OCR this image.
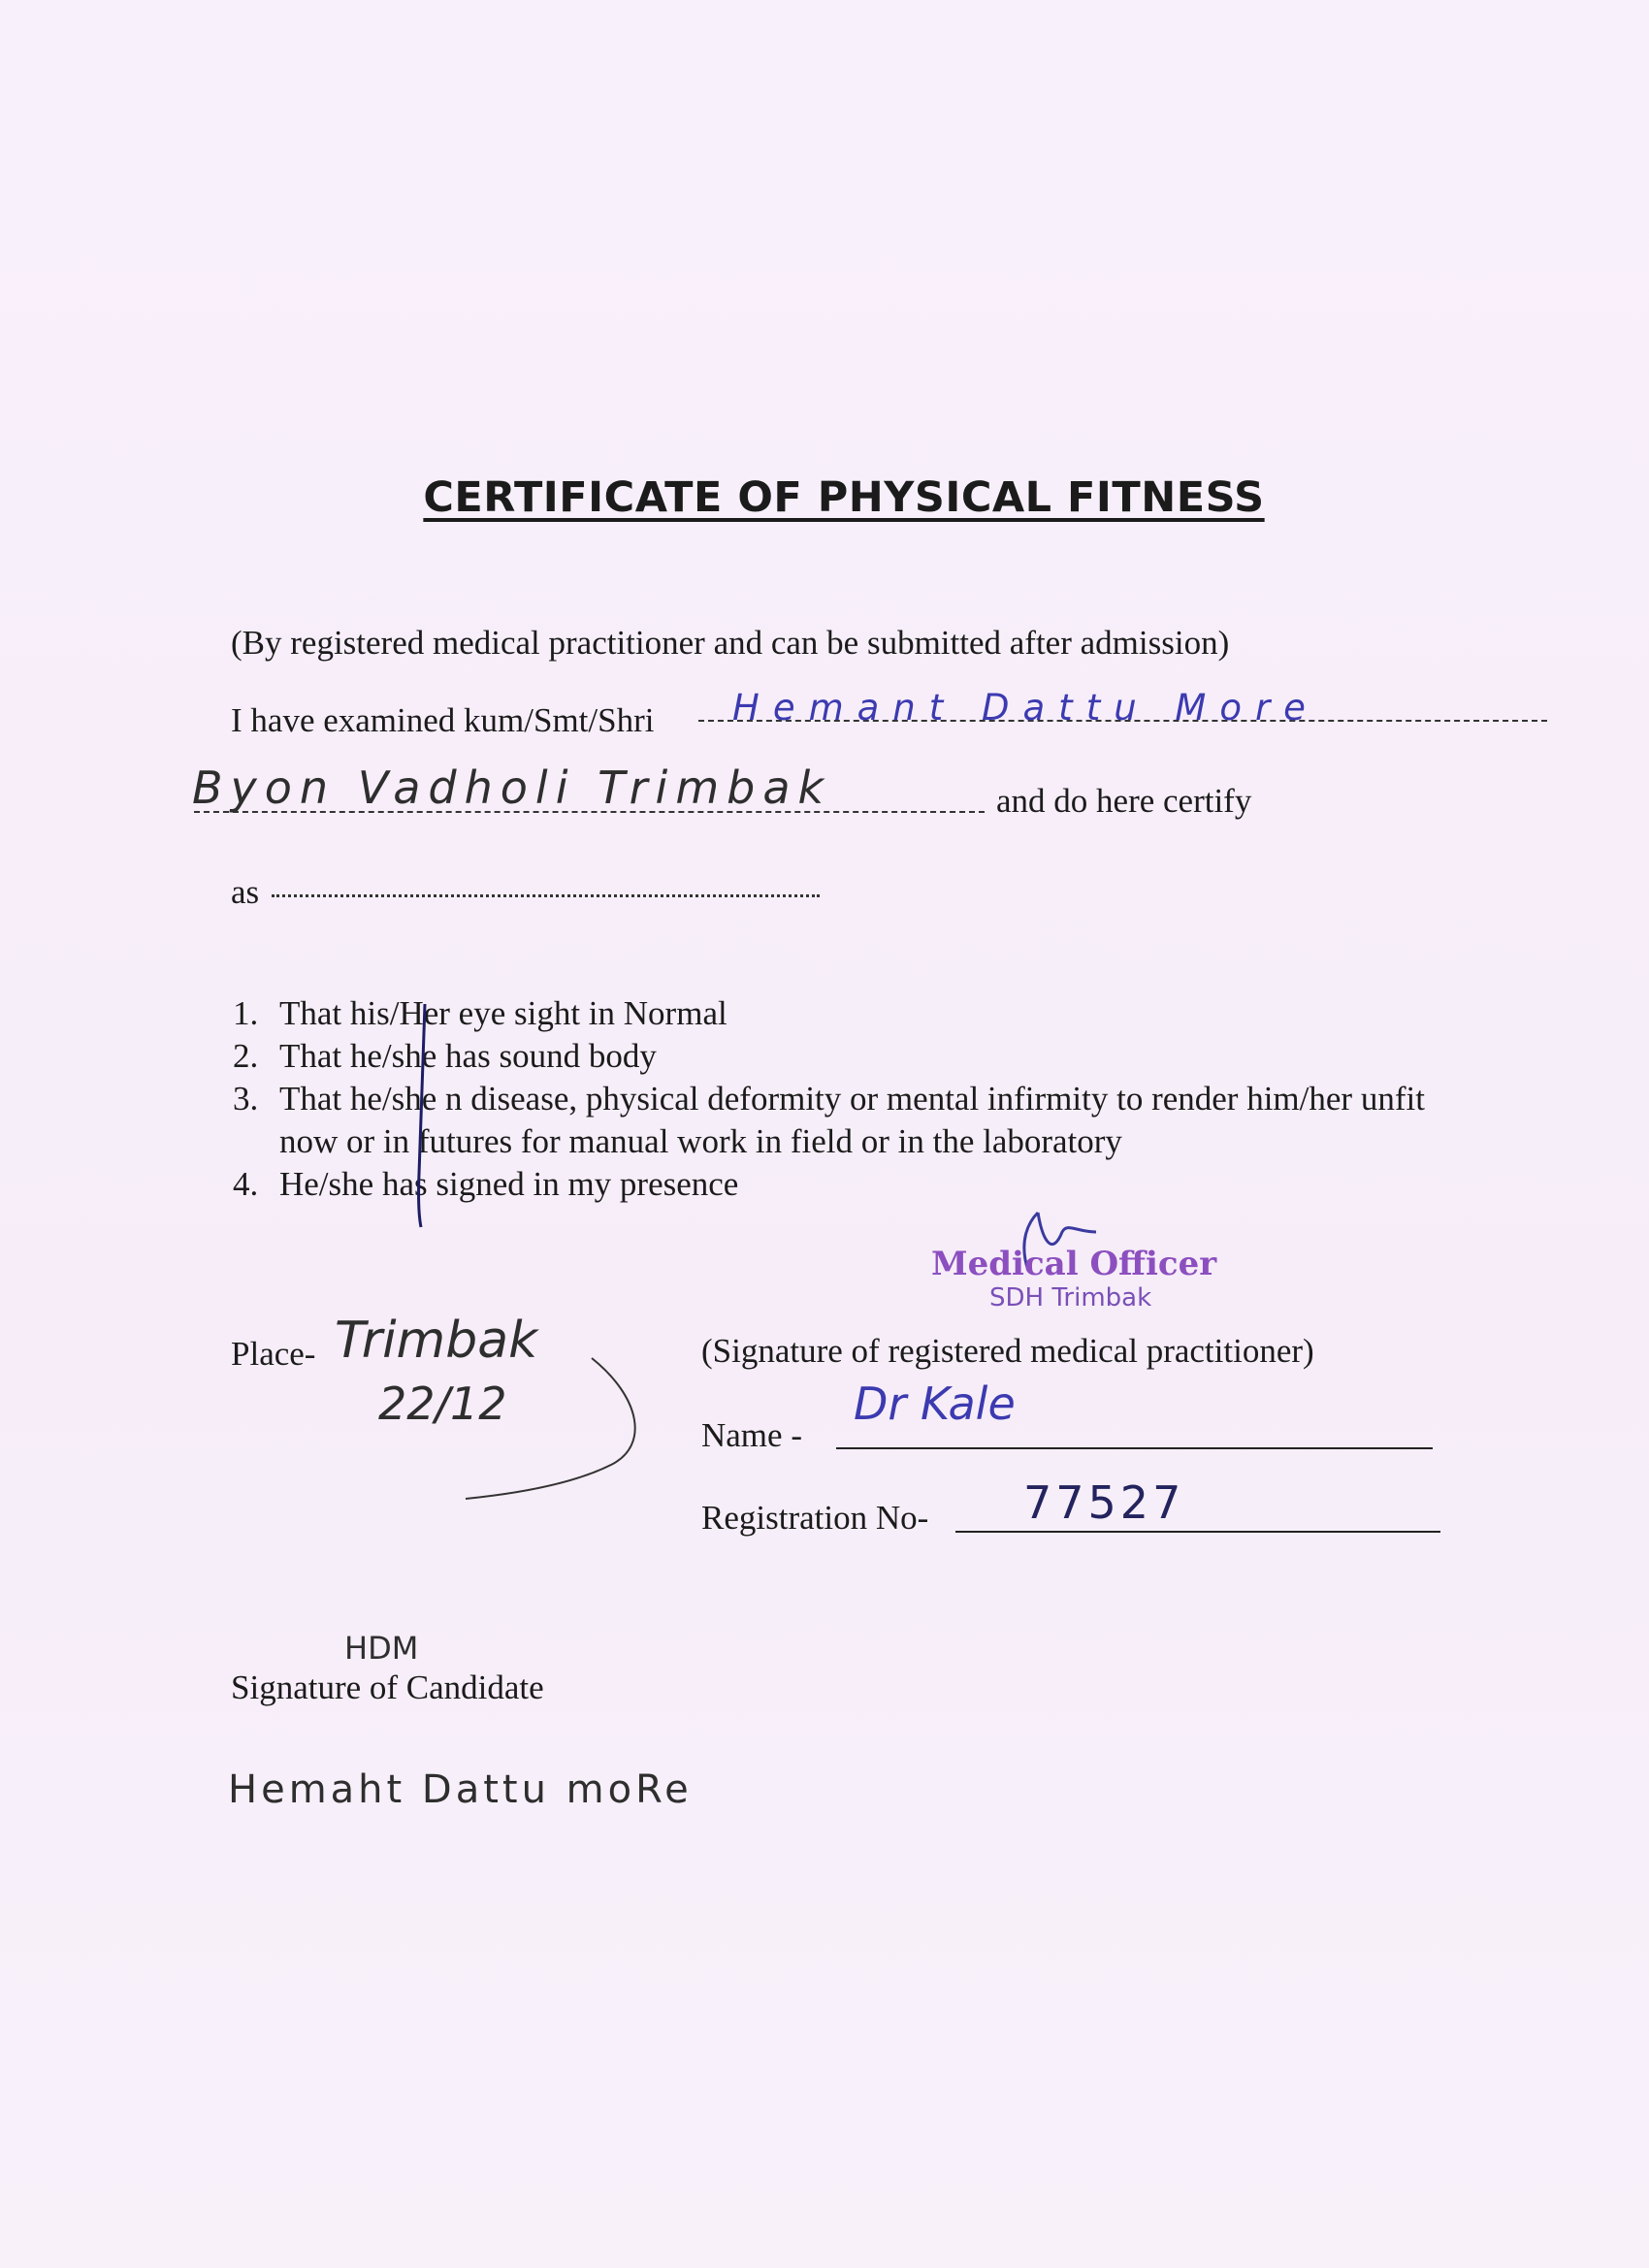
CERTIFICATE OF PHYSICAL FITNESS
(By registered medical practitioner and can be submitted after admission)
I have examined kum/Smt/Shri Hemant Dattu More
Byon Vadholi Trimbak	and do here certify
as
1. That his/Her eye sight in Normal
2. That he/she has sound body
3. That he/she n disease, physical deformity or mental infirmity to render him/her unfit
now or in futures for manual work in field or in the laboratory
4. He/she has signed in my presence
Medical Officer
SDH Trimbak
Place- Trimbak
22/12
(Signature of registered medical practitioner)
Name -
Dr Kale
Registration No- 77527
HDM
Signature of Candidate
Hemaht Dattu moRe
